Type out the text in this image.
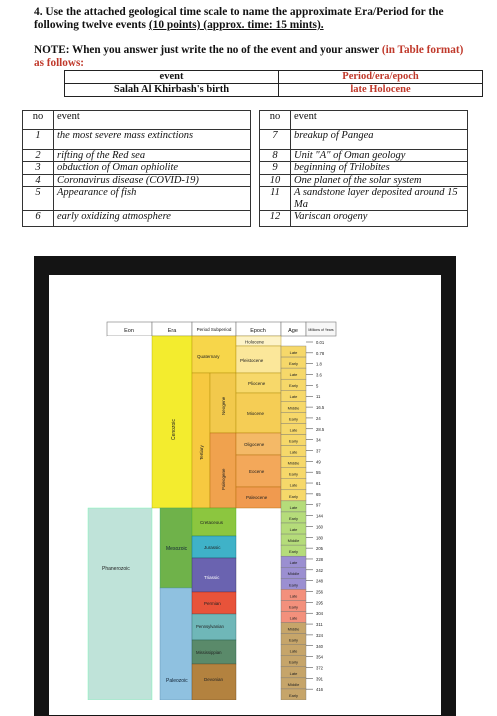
4. Use the attached geological time scale to name the approximate Era/Period for the following twelve events (10 points) (approx. time: 15 mints).
NOTE: When you answer just write the no of the event and your answer (in Table format) as follows:
event	Period/era/epoch
Salah Al Khirbash's birth	late Holocene
no	event		no	event
1	the most severe mass extinctions		7	breakup of Pangea
2	rifting of the Red sea		8	Unit "A" of Oman geology
3	obduction of Oman ophiolite		9	beginning of Trilobites
4	Coronavirus disease (COVID-19)		10	One planet of the solar system
5	Appearance of fish		11	A sandstone layer deposited around 15 Ma
6	early oxidizing atmosphere		12	Variscan orogeny
Eon	Era	Period Subperiod	Epoch	Age	Millions of Years
Phanerozoic
Cenozoic
Mesozoic
Paleozoic
Quaternary
Tertiary
Neogene
Paleogene
Cretaceous
Jurassic
Triassic
Permian
Pennsylvanian
Mississippian
Devonian
Holocene
Pleistocene
Pliocene
Miocene
Oligocene
Eocene
Paleocene
Late
Early
Late
Early
Late
Middle
Early
Late
Early
Late
Middle
Early
Late
Early
Late
Early
Late
Middle
Early
Late
Middle
Early
Late
Early
Late
Middle
Early
Late
Early
Late
Middle
Early
0.01
0.78
1.8
3.6
5
11
16.5
24
28.5
34
37
49
55
61
65
97
144
160
180
205
228
242
248
256
295
304
311
324
340
354
372
391
416
